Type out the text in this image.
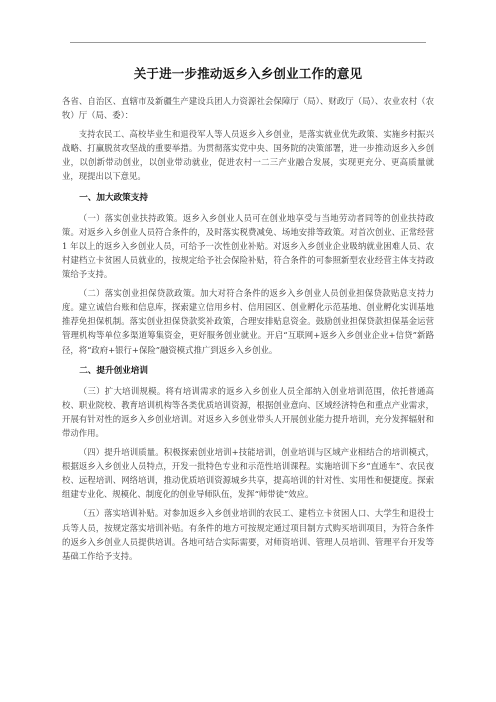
关于进一步推动返乡入乡创业工作的意见

各省、自治区、直辖市及新疆生产建设兵团人力资源社会保障厅（局）、财政厅（局）、农业农村（农牧）厅（局、委）：

支持农民工、高校毕业生和退役军人等人员返乡入乡创业，是落实就业优先政策、实施乡村振兴战略、打赢脱贫攻坚战的重要举措。为贯彻落实党中央、国务院的决策部署，进一步推动返乡入乡创业，以创新带动创业，以创业带动就业，促进农村一二三产业融合发展，实现更充分、更高质量就业，现提出以下意见。

一、加大政策支持

（一）落实创业扶持政策。返乡入乡创业人员可在创业地享受与当地劳动者同等的创业扶持政策。对返乡入乡创业人员符合条件的，及时落实税费减免、场地安排等政策。对首次创业、正常经营 1 年以上的返乡入乡创业人员，可给予一次性创业补贴。对返乡入乡创业企业吸纳就业困难人员、农村建档立卡贫困人员就业的，按规定给予社会保险补贴，符合条件的可参照新型农业经营主体支持政策给予支持。

（二）落实创业担保贷款政策。加大对符合条件的返乡入乡创业人员创业担保贷款贴息支持力度。建立诚信台账和信息库，探索建立信用乡村、信用园区、创业孵化示范基地、创业孵化实训基地推荐免担保机制。落实创业担保贷款奖补政策，合理安排贴息资金。鼓励创业担保贷款担保基金运营管理机构等单位多渠道筹集资金，更好服务创业就业。开启“互联网+返乡入乡创业企业+信贷”新路径，将“政府+银行+保险”融资模式推广到返乡入乡创业。

二、提升创业培训

（三）扩大培训规模。将有培训需求的返乡入乡创业人员全部纳入创业培训范围，依托普通高校、职业院校、教育培训机构等各类优质培训资源，根据创业意向、区域经济特色和重点产业需求，开展有针对性的返乡入乡创业培训。对返乡入乡创业带头人开展创业能力提升培训，充分发挥辐射和带动作用。

（四）提升培训质量。积极探索创业培训+技能培训，创业培训与区域产业相结合的培训模式，根据返乡入乡创业人员特点，开发一批特色专业和示范性培训课程。实施培训下乡“直通车”、农民夜校、远程培训、网络培训，推动优质培训资源城乡共享，提高培训的针对性、实用性和便捷度。探索组建专业化、规模化、制度化的创业导师队伍，发挥“师带徒”效应。

（五）落实培训补贴。对参加返乡入乡创业培训的农民工、建档立卡贫困人口、大学生和退役士兵等人员，按规定落实培训补贴。有条件的地方可按规定通过项目制方式购买培训项目，为符合条件的返乡入乡创业人员提供培训。各地可结合实际需要，对师资培训、管理人员培训、管理平台开发等基础工作给予支持。
